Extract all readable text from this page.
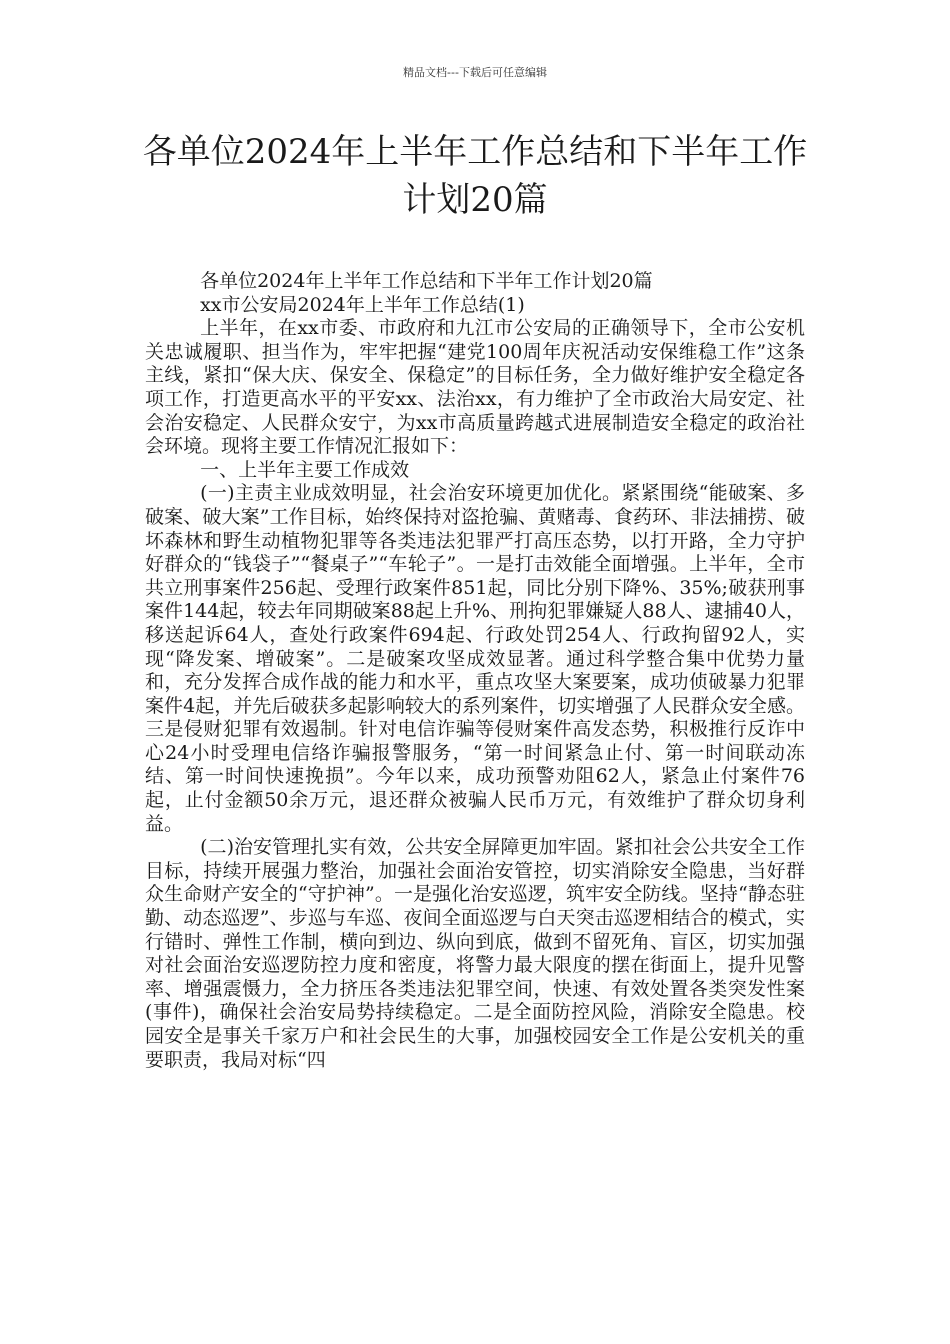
精品文档---下载后可任意编辑
各单位2024年上半年工作总结和下半年工作计划20篇

各单位2024年上半年工作总结和下半年工作计划20篇

xx市公安局2024年上半年工作总结(1)

上半年，在xx市委、市政府和九江市公安局的正确领导下，全市公安机关忠诚履职、担当作为，牢牢把握“建党100周年庆祝活动安保维稳工作”这条主线，紧扣“保大庆、保安全、保稳定”的目标任务，全力做好维护安全稳定各项工作，打造更高水平的平安xx、法治xx，有力维护了全市政治大局安定、社会治安稳定、人民群众安宁，为xx市高质量跨越式进展制造安全稳定的政治社会环境。现将主要工作情况汇报如下：

一、上半年主要工作成效

(一)主责主业成效明显，社会治安环境更加优化。紧紧围绕“能破案、多破案、破大案”工作目标，始终保持对盗抢骗、黄赌毒、食药环、非法捕捞、破坏森林和野生动植物犯罪等各类违法犯罪严打高压态势，以打开路，全力守护好群众的“钱袋子”“餐桌子”“车轮子”。一是打击效能全面增强。上半年，全市共立刑事案件256起、受理行政案件851起，同比分别下降%、35%;破获刑事案件144起，较去年同期破案88起上升%、刑拘犯罪嫌疑人88人、逮捕40人，移送起诉64人，查处行政案件694起、行政处罚254人、行政拘留92人，实现“降发案、增破案”。二是破案攻坚成效显著。通过科学整合集中优势力量和，充分发挥合成作战的能力和水平，重点攻坚大案要案，成功侦破暴力犯罪案件4起，并先后破获多起影响较大的系列案件，切实增强了人民群众安全感。三是侵财犯罪有效遏制。针对电信诈骗等侵财案件高发态势，积极推行反诈中心24小时受理电信络诈骗报警服务，“第一时间紧急止付、第一时间联动冻结、第一时间快速挽损”。今年以来，成功预警劝阻62人，紧急止付案件76起，止付金额50余万元，退还群众被骗人民币万元，有效维护了群众切身利益。

(二)治安管理扎实有效，公共安全屏障更加牢固。紧扣社会公共安全工作目标，持续开展强力整治，加强社会面治安管控，切实消除安全隐患，当好群众生命财产安全的“守护神”。一是强化治安巡逻，筑牢安全防线。坚持“静态驻勤、动态巡逻”、步巡与车巡、夜间全面巡逻与白天突击巡逻相结合的模式，实行错时、弹性工作制，横向到边、纵向到底，做到不留死角、盲区，切实加强对社会面治安巡逻防控力度和密度，将警力最大限度的摆在街面上，提升见警率、增强震慑力，全力挤压各类违法犯罪空间，快速、有效处置各类突发性案(事件)，确保社会治安局势持续稳定。二是全面防控风险，消除安全隐患。校园安全是事关千家万户和社会民生的大事，加强校园安全工作是公安机关的重要职责，我局对标“四
